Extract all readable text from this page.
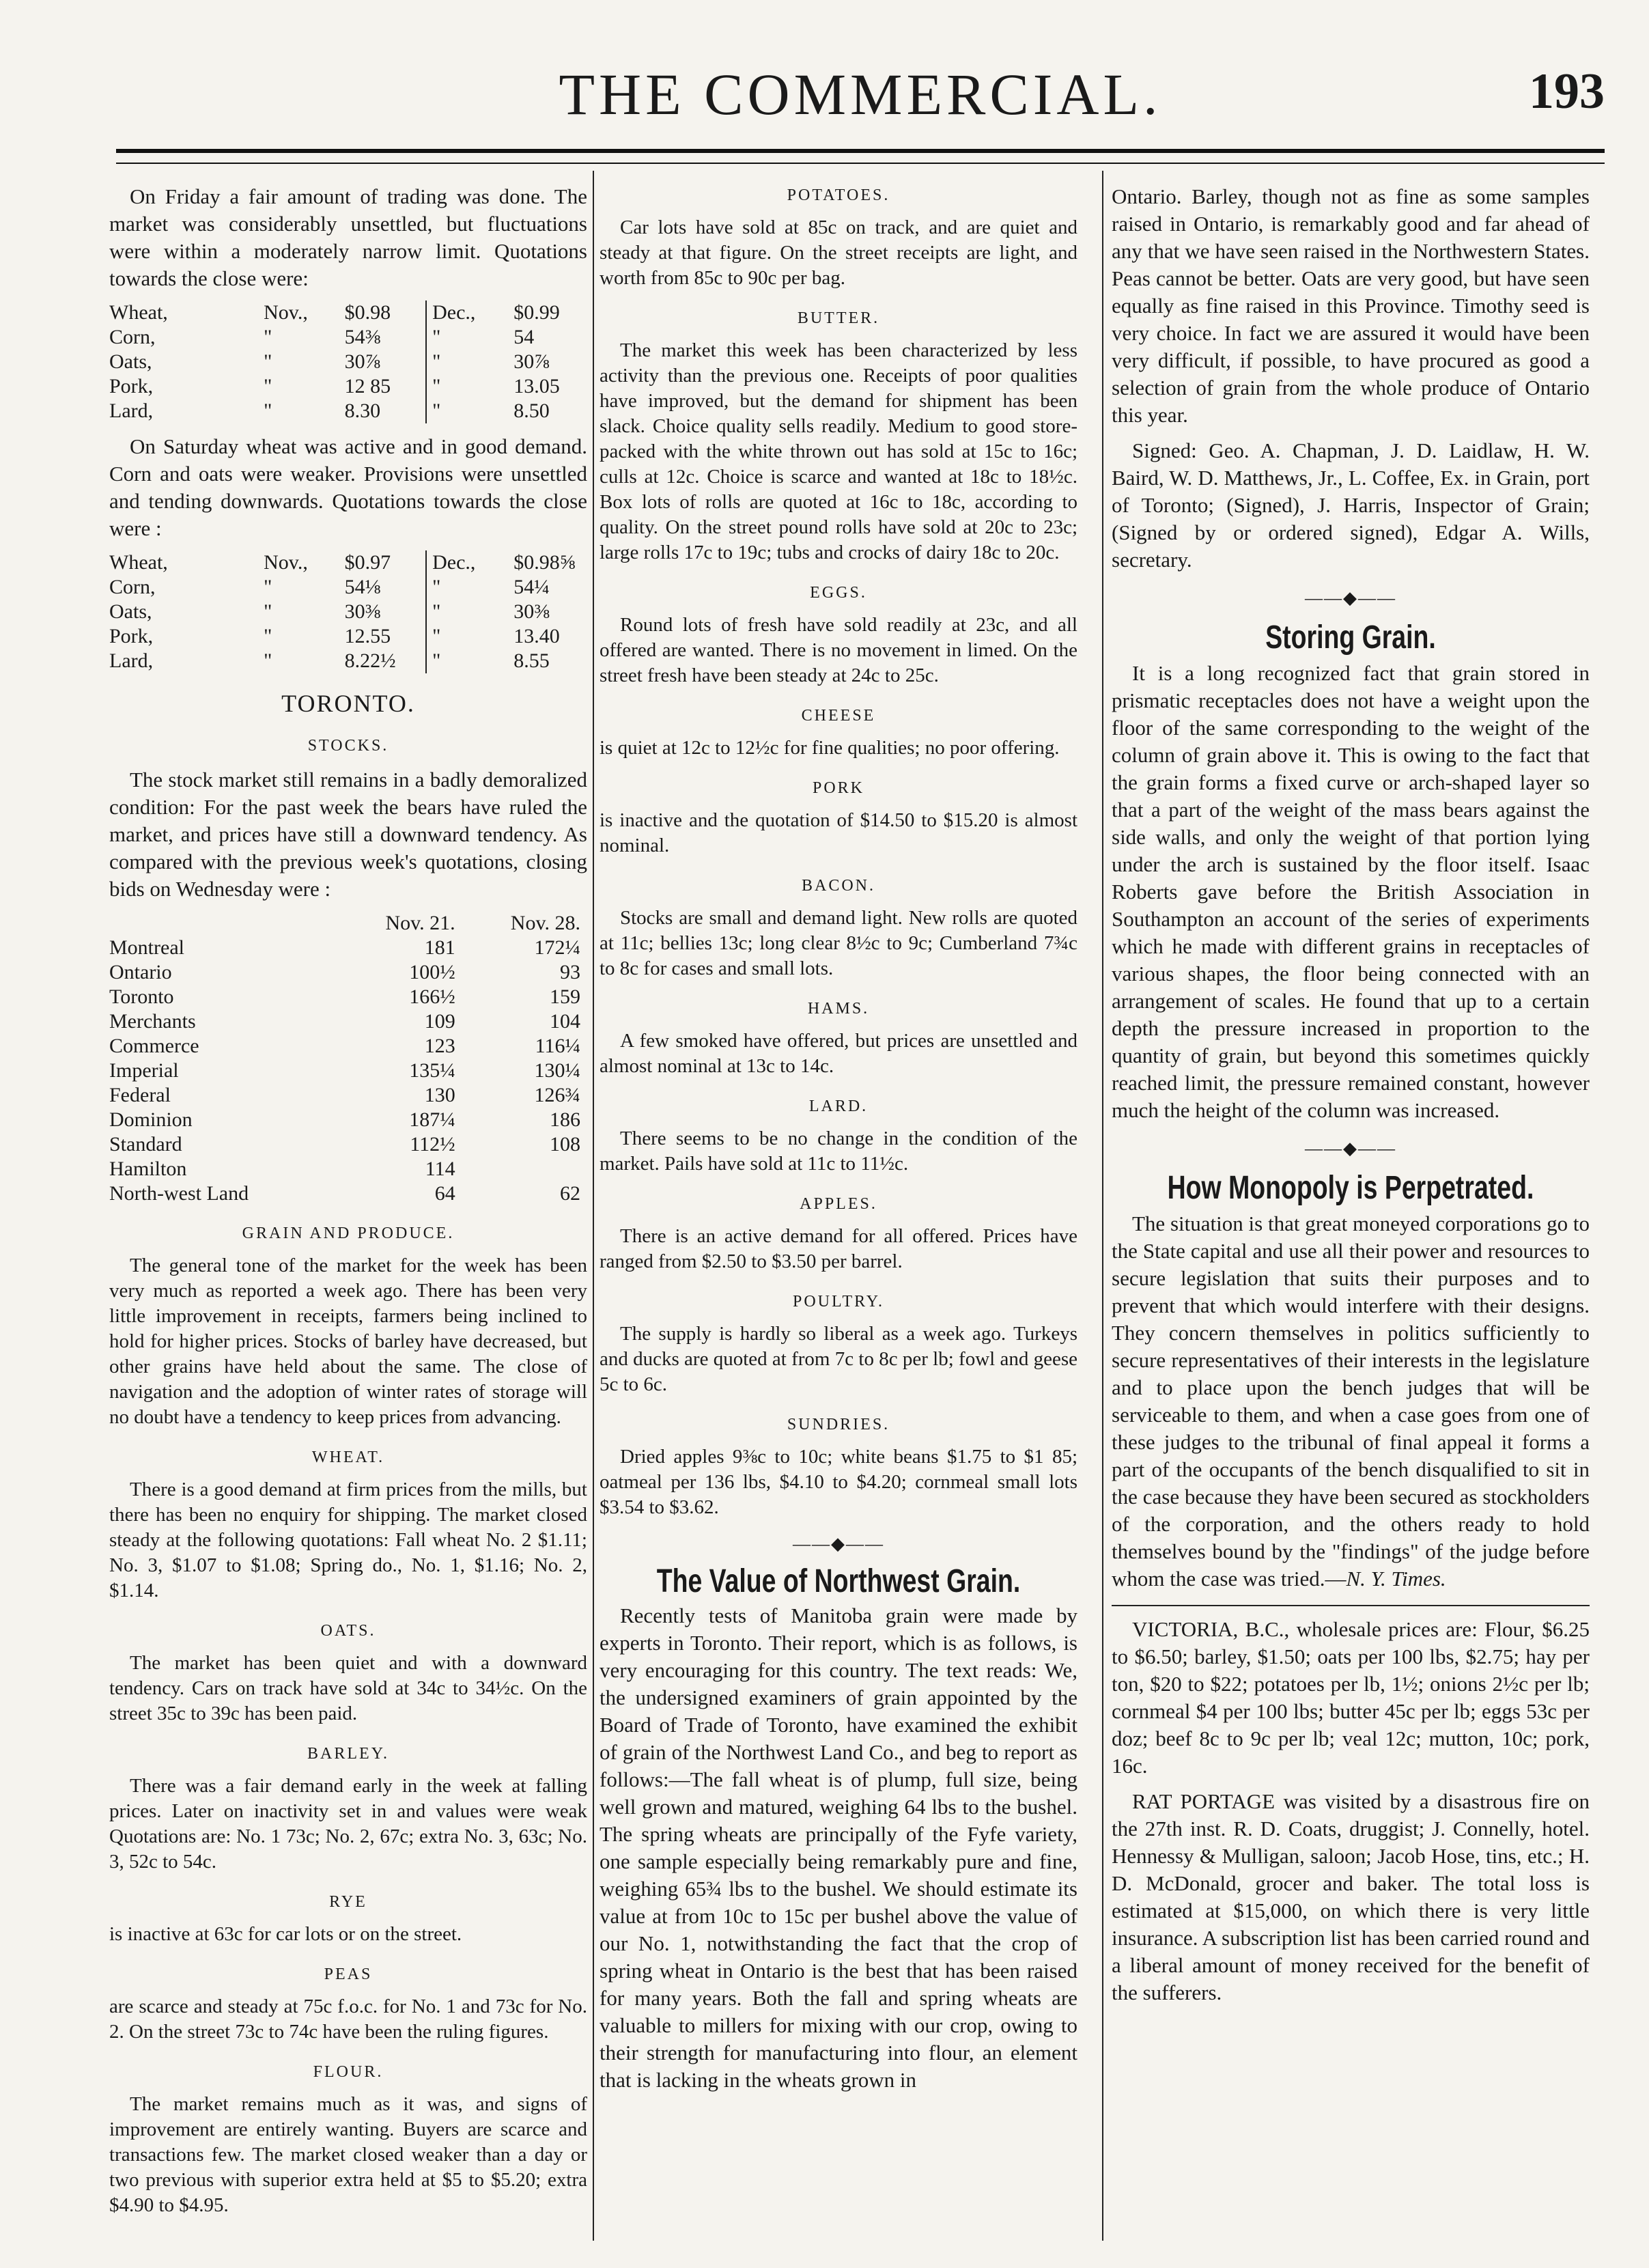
THE COMMERCIAL.	193

On Friday a fair amount of trading was done. The market was considerably unsettled, but fluctuations were within a moderately narrow limit. Quotations towards the close were:

Wheat,	Nov.,	$0.98	Dec.,	$0.99
Corn,	"	54⅜	"	54
Oats,	"	30⅞	"	30⅞
Pork,	"	12 85	"	13.05
Lard,	"	8.30	"	8.50

On Saturday wheat was active and in good demand. Corn and oats were weaker. Provisions were unsettled and tending downwards. Quotations towards the close were :

Wheat,	Nov.,	$0.97	Dec.,	$0.98⅝
Corn,	"	54⅛	"	54¼
Oats,	"	30⅜	"	30⅜
Pork,	"	12.55	"	13.40
Lard,	"	8.22½	"	8.55
TORONTO.
STOCKS.

The stock market still remains in a badly demoralized condition: For the past week the bears have ruled the market, and prices have still a downward tendency. As compared with the previous week's quotations, closing bids on Wednesday were :

	Nov. 21.	Nov. 28.
Montreal	181	172¼
Ontario	100½	93
Toronto	166½	159
Merchants	109	104
Commerce	123	116¼
Imperial	135¼	130¼
Federal	130	126¾
Dominion	187¼	186
Standard	112½	108
Hamilton	114	
North-west Land	64	62
GRAIN AND PRODUCE.

The general tone of the market for the week has been very much as reported a week ago. There has been very little improvement in receipts, farmers being inclined to hold for higher prices. Stocks of barley have decreased, but other grains have held about the same. The close of navigation and the adoption of winter rates of storage will no doubt have a tendency to keep prices from advancing.

WHEAT.

There is a good demand at firm prices from the mills, but there has been no enquiry for shipping. The market closed steady at the following quotations: Fall wheat No. 2 $1.11; No. 3, $1.07 to $1.08; Spring do., No. 1, $1.16; No. 2, $1.14.

OATS.

The market has been quiet and with a downward tendency. Cars on track have sold at 34c to 34½c. On the street 35c to 39c has been paid.

BARLEY.

There was a fair demand early in the week at falling prices. Later on inactivity set in and values were weak Quotations are: No. 1 73c; No. 2, 67c; extra No. 3, 63c; No. 3, 52c to 54c.

RYE

is inactive at 63c for car lots or on the street.

PEAS

are scarce and steady at 75c f.o.c. for No. 1 and 73c for No. 2. On the street 73c to 74c have been the ruling figures.

FLOUR.

The market remains much as it was, and signs of improvement are entirely wanting. Buyers are scarce and transactions few. The market closed weaker than a day or two previous with superior extra held at $5 to $5.20; extra $4.90 to $4.95.

POTATOES.

Car lots have sold at 85c on track, and are quiet and steady at that figure. On the street receipts are light, and worth from 85c to 90c per bag.

BUTTER.

The market this week has been characterized by less activity than the previous one. Receipts of poor qualities have improved, but the demand for shipment has been slack. Choice quality sells readily. Medium to good store-packed with the white thrown out has sold at 15c to 16c; culls at 12c. Choice is scarce and wanted at 18c to 18½c. Box lots of rolls are quoted at 16c to 18c, according to quality. On the street pound rolls have sold at 20c to 23c; large rolls 17c to 19c; tubs and crocks of dairy 18c to 20c.

EGGS.

Round lots of fresh have sold readily at 23c, and all offered are wanted. There is no movement in limed. On the street fresh have been steady at 24c to 25c.

CHEESE

is quiet at 12c to 12½c for fine qualities; no poor offering.

PORK

is inactive and the quotation of $14.50 to $15.20 is almost nominal.

BACON.

Stocks are small and demand light. New rolls are quoted at 11c; bellies 13c; long clear 8½c to 9c; Cumberland 7¾c to 8c for cases and small lots.

HAMS.

A few smoked have offered, but prices are unsettled and almost nominal at 13c to 14c.

LARD.

There seems to be no change in the condition of the market. Pails have sold at 11c to 11½c.

APPLES.

There is an active demand for all offered. Prices have ranged from $2.50 to $3.50 per barrel.

POULTRY.

The supply is hardly so liberal as a week ago. Turkeys and ducks are quoted at from 7c to 8c per lb; fowl and geese 5c to 6c.

SUNDRIES.

Dried apples 9⅜c to 10c; white beans $1.75 to $1 85; oatmeal per 136 lbs, $4.10 to $4.20; cornmeal small lots $3.54 to $3.62.

——◆——
The Value of Northwest Grain.

Recently tests of Manitoba grain were made by experts in Toronto. Their report, which is as follows, is very encouraging for this country. The text reads: We, the undersigned examiners of grain appointed by the Board of Trade of Toronto, have examined the exhibit of grain of the Northwest Land Co., and beg to report as follows:—The fall wheat is of plump, full size, being well grown and matured, weighing 64 lbs to the bushel. The spring wheats are principally of the Fyfe variety, one sample especially being remarkably pure and fine, weighing 65¾ lbs to the bushel. We should estimate its value at from 10c to 15c per bushel above the value of our No. 1, notwithstanding the fact that the crop of spring wheat in Ontario is the best that has been raised for many years. Both the fall and spring wheats are valuable to millers for mixing with our crop, owing to their strength for manufacturing into flour, an element that is lacking in the wheats grown in

Ontario. Barley, though not as fine as some samples raised in Ontario, is remarkably good and far ahead of any that we have seen raised in the Northwestern States. Peas cannot be better. Oats are very good, but have seen equally as fine raised in this Province. Timothy seed is very choice. In fact we are assured it would have been very difficult, if possible, to have procured as good a selection of grain from the whole produce of Ontario this year.

Signed: Geo. A. Chapman, J. D. Laidlaw, H. W. Baird, W. D. Matthews, Jr., L. Coffee, Ex. in Grain, port of Toronto; (Signed), J. Harris, Inspector of Grain; (Signed by or ordered signed), Edgar A. Wills, secretary.

——◆——
Storing Grain.

It is a long recognized fact that grain stored in prismatic receptacles does not have a weight upon the floor of the same corresponding to the weight of the column of grain above it. This is owing to the fact that the grain forms a fixed curve or arch-shaped layer so that a part of the weight of the mass bears against the side walls, and only the weight of that portion lying under the arch is sustained by the floor itself. Isaac Roberts gave before the British Association in Southampton an account of the series of experiments which he made with different grains in receptacles of various shapes, the floor being connected with an arrangement of scales. He found that up to a certain depth the pressure increased in proportion to the quantity of grain, but beyond this sometimes quickly reached limit, the pressure remained constant, however much the height of the column was increased.

——◆——
How Monopoly is Perpetrated.

The situation is that great moneyed corporations go to the State capital and use all their power and resources to secure legislation that suits their purposes and to prevent that which would interfere with their designs. They concern themselves in politics sufficiently to secure representatives of their interests in the legislature and to place upon the bench judges that will be serviceable to them, and when a case goes from one of these judges to the tribunal of final appeal it forms a part of the occupants of the bench disqualified to sit in the case because they have been secured as stockholders of the corporation, and the others ready to hold themselves bound by the "findings" of the judge before whom the case was tried.—N. Y. Times.

VICTORIA, B.C., wholesale prices are: Flour, $6.25 to $6.50; barley, $1.50; oats per 100 lbs, $2.75; hay per ton, $20 to $22; potatoes per lb, 1½; onions 2½c per lb; cornmeal $4 per 100 lbs; butter 45c per lb; eggs 53c per doz; beef 8c to 9c per lb; veal 12c; mutton, 10c; pork, 16c.

RAT PORTAGE was visited by a disastrous fire on the 27th inst. R. D. Coats, druggist; J. Connelly, hotel. Hennessy & Mulligan, saloon; Jacob Hose, tins, etc.; H. D. McDonald, grocer and baker. The total loss is estimated at $15,000, on which there is very little insurance. A subscription list has been carried round and a liberal amount of money received for the benefit of the sufferers.
